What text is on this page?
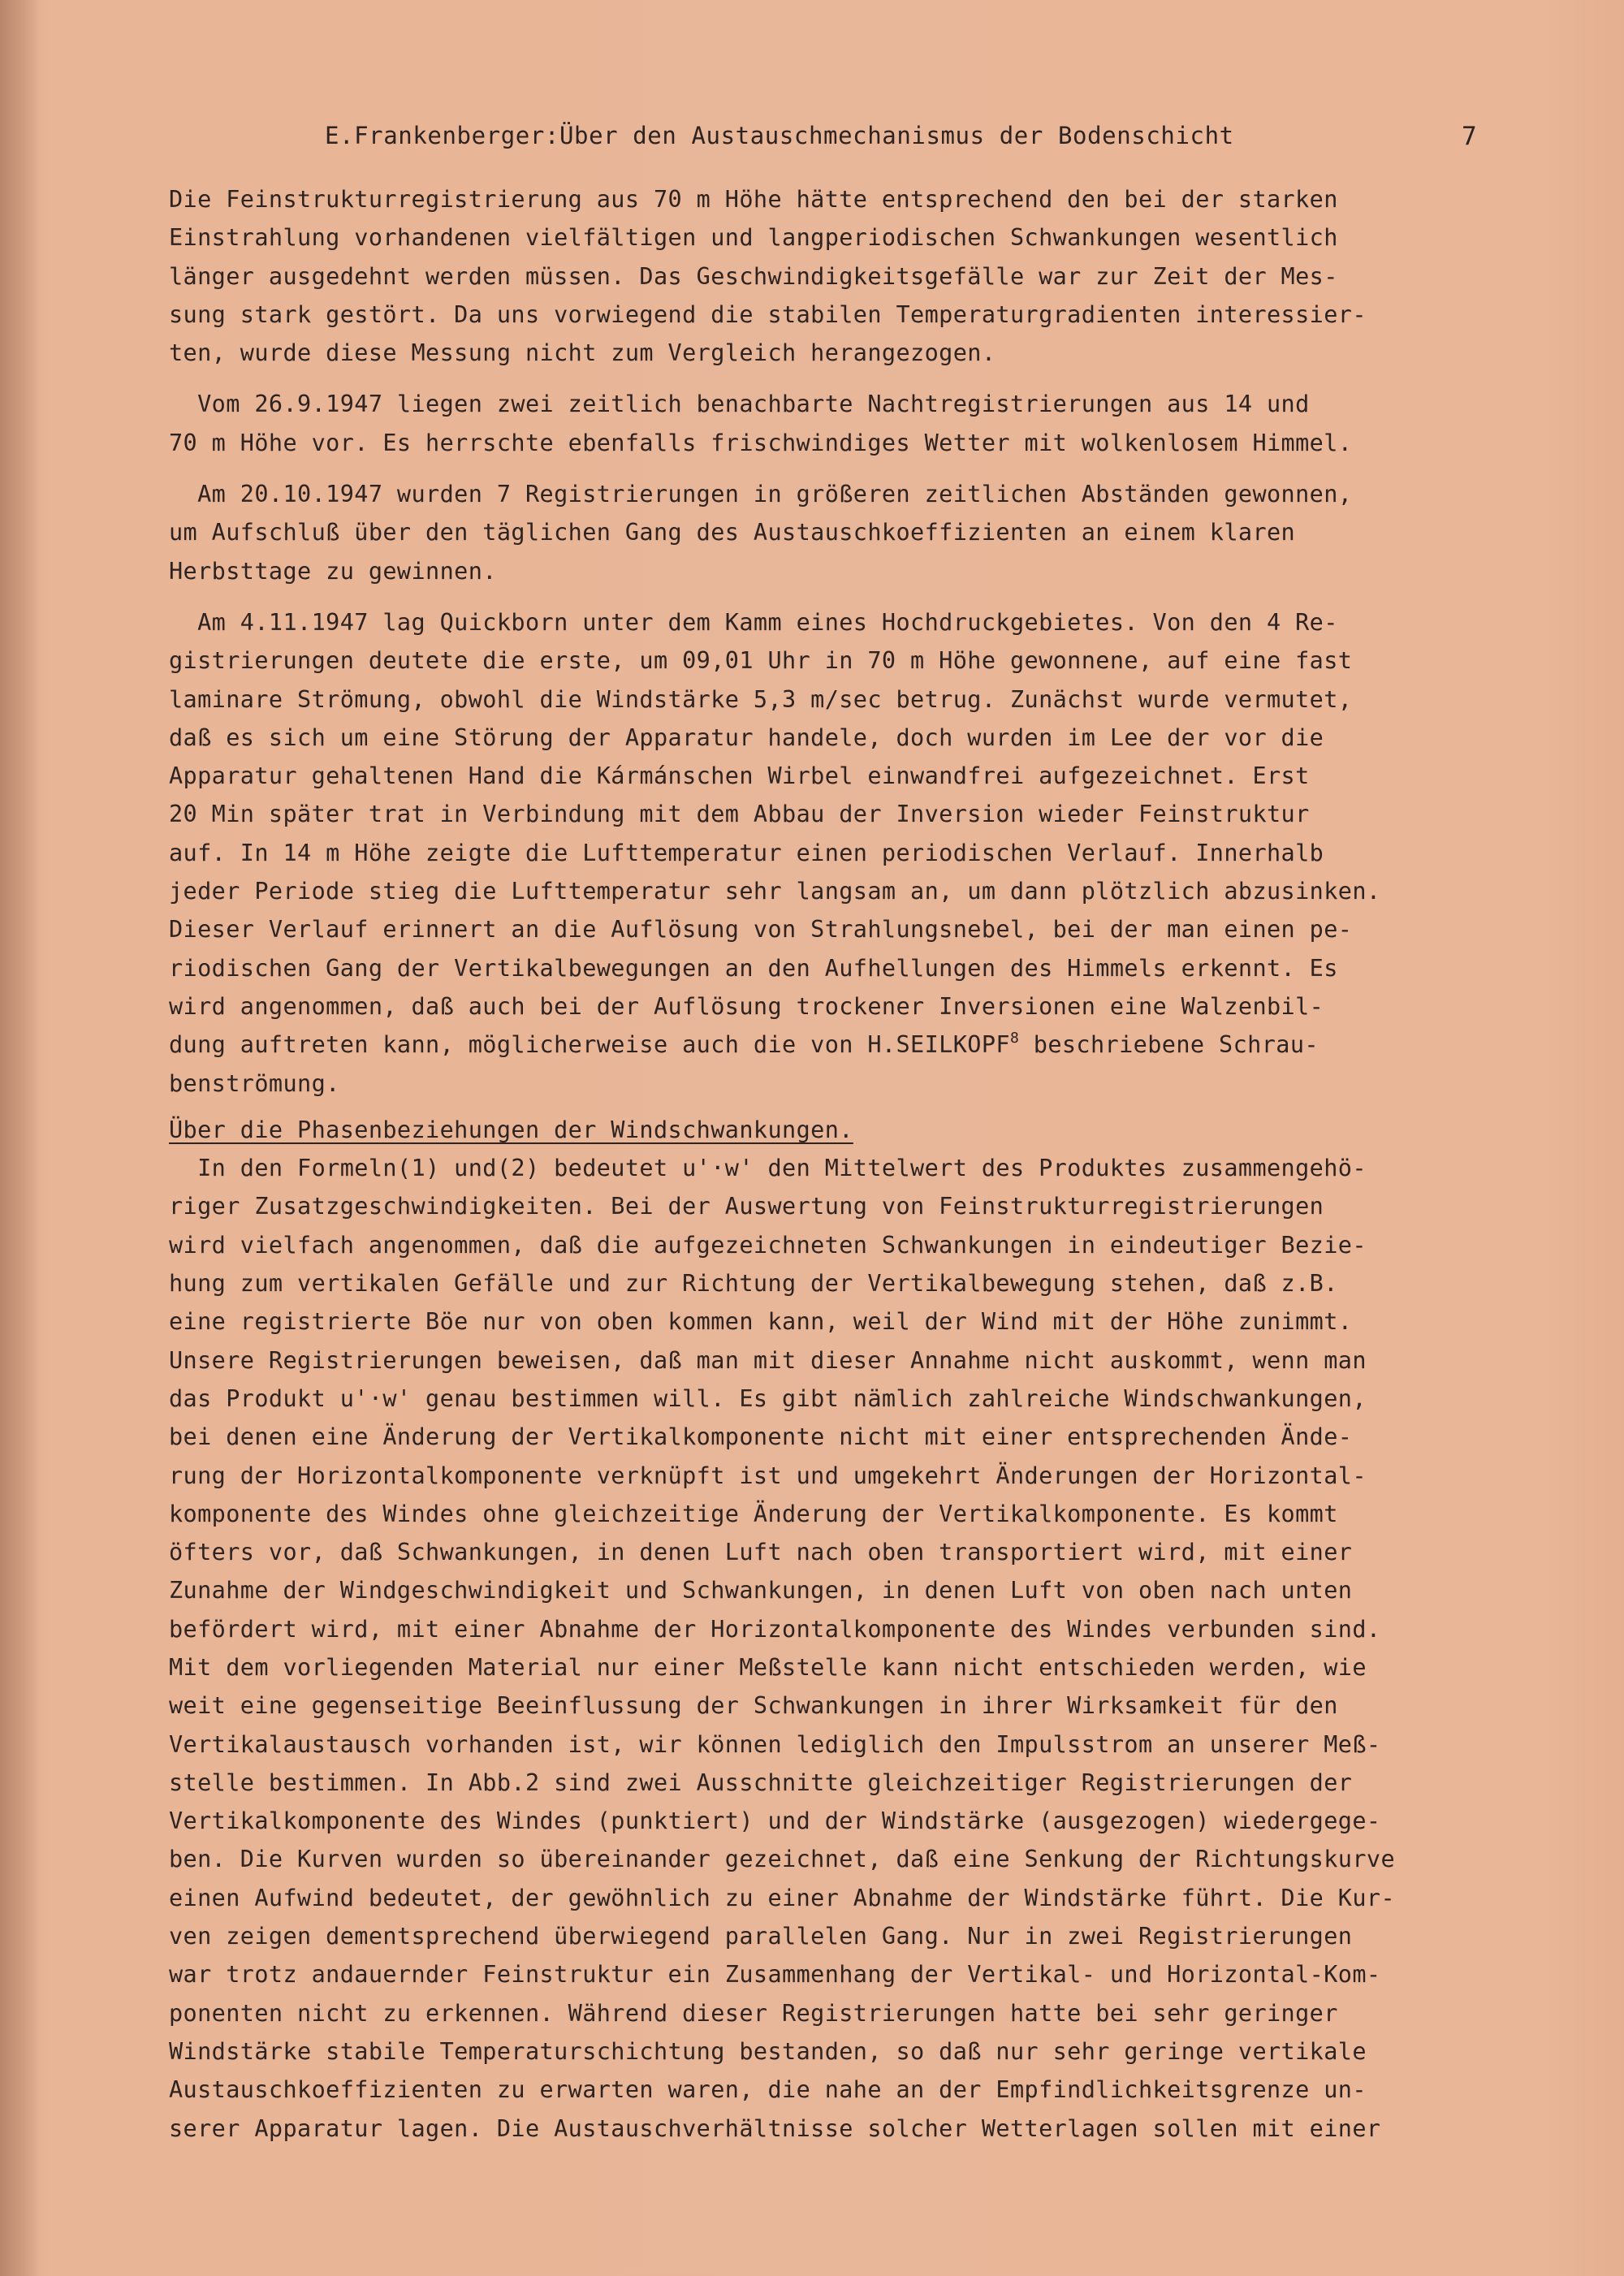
E.Frankenberger:Über den Austauschmechanismus der Bodenschicht	7
Die Feinstrukturregistrierung aus 70 m Höhe hätte entsprechend den bei der starken
Einstrahlung vorhandenen vielfältigen und langperiodischen Schwankungen wesentlich
länger ausgedehnt werden müssen. Das Geschwindigkeitsgefälle war zur Zeit der Mes-
sung stark gestört. Da uns vorwiegend die stabilen Temperaturgradienten interessier-
ten, wurde diese Messung nicht zum Vergleich herangezogen.
Vom 26.9.1947 liegen zwei zeitlich benachbarte Nachtregistrierungen aus 14 und
70 m Höhe vor. Es herrschte ebenfalls frischwindiges Wetter mit wolkenlosem Himmel.
Am 20.10.1947 wurden 7 Registrierungen in größeren zeitlichen Abständen gewonnen,
um Aufschluß über den täglichen Gang des Austauschkoeffizienten an einem klaren
Herbsttage zu gewinnen.
Am 4.11.1947 lag Quickborn unter dem Kamm eines Hochdruckgebietes. Von den 4 Re-
gistrierungen deutete die erste, um 09,01 Uhr in 70 m Höhe gewonnene, auf eine fast
laminare Strömung, obwohl die Windstärke 5,3 m/sec betrug. Zunächst wurde vermutet,
daß es sich um eine Störung der Apparatur handele, doch wurden im Lee der vor die
Apparatur gehaltenen Hand die Kármánschen Wirbel einwandfrei aufgezeichnet. Erst
20 Min später trat in Verbindung mit dem Abbau der Inversion wieder Feinstruktur
auf. In 14 m Höhe zeigte die Lufttemperatur einen periodischen Verlauf. Innerhalb
jeder Periode stieg die Lufttemperatur sehr langsam an, um dann plötzlich abzusinken.
Dieser Verlauf erinnert an die Auflösung von Strahlungsnebel, bei der man einen pe-
riodischen Gang der Vertikalbewegungen an den Aufhellungen des Himmels erkennt. Es
wird angenommen, daß auch bei der Auflösung trockener Inversionen eine Walzenbil-
dung auftreten kann, möglicherweise auch die von H.SEILKOPF$^8$ beschriebene Schrau-
benströmung.
Über die Phasenbeziehungen der Windschwankungen.
In den Formeln(1) und(2) bedeutet u'·w' den Mittelwert des Produktes zusammengehö-
riger Zusatzgeschwindigkeiten. Bei der Auswertung von Feinstrukturregistrierungen
wird vielfach angenommen, daß die aufgezeichneten Schwankungen in eindeutiger Bezie-
hung zum vertikalen Gefälle und zur Richtung der Vertikalbewegung stehen, daß z.B.
eine registrierte Böe nur von oben kommen kann, weil der Wind mit der Höhe zunimmt.
Unsere Registrierungen beweisen, daß man mit dieser Annahme nicht auskommt, wenn man
das Produkt u'·w' genau bestimmen will. Es gibt nämlich zahlreiche Windschwankungen,
bei denen eine Änderung der Vertikalkomponente nicht mit einer entsprechenden Ände-
rung der Horizontalkomponente verknüpft ist und umgekehrt Änderungen der Horizontal-
komponente des Windes ohne gleichzeitige Änderung der Vertikalkomponente. Es kommt
öfters vor, daß Schwankungen, in denen Luft nach oben transportiert wird, mit einer
Zunahme der Windgeschwindigkeit und Schwankungen, in denen Luft von oben nach unten
befördert wird, mit einer Abnahme der Horizontalkomponente des Windes verbunden sind.
Mit dem vorliegenden Material nur einer Meßstelle kann nicht entschieden werden, wie
weit eine gegenseitige Beeinflussung der Schwankungen in ihrer Wirksamkeit für den
Vertikalaustausch vorhanden ist, wir können lediglich den Impulsstrom an unserer Meß-
stelle bestimmen. In Abb.2 sind zwei Ausschnitte gleichzeitiger Registrierungen der
Vertikalkomponente des Windes (punktiert) und der Windstärke (ausgezogen) wiedergege-
ben. Die Kurven wurden so übereinander gezeichnet, daß eine Senkung der Richtungskurve
einen Aufwind bedeutet, der gewöhnlich zu einer Abnahme der Windstärke führt. Die Kur-
ven zeigen dementsprechend überwiegend parallelen Gang. Nur in zwei Registrierungen
war trotz andauernder Feinstruktur ein Zusammenhang der Vertikal- und Horizontal-Kom-
ponenten nicht zu erkennen. Während dieser Registrierungen hatte bei sehr geringer
Windstärke stabile Temperaturschichtung bestanden, so daß nur sehr geringe vertikale
Austauschkoeffizienten zu erwarten waren, die nahe an der Empfindlichkeitsgrenze un-
serer Apparatur lagen. Die Austauschverhältnisse solcher Wetterlagen sollen mit einer
